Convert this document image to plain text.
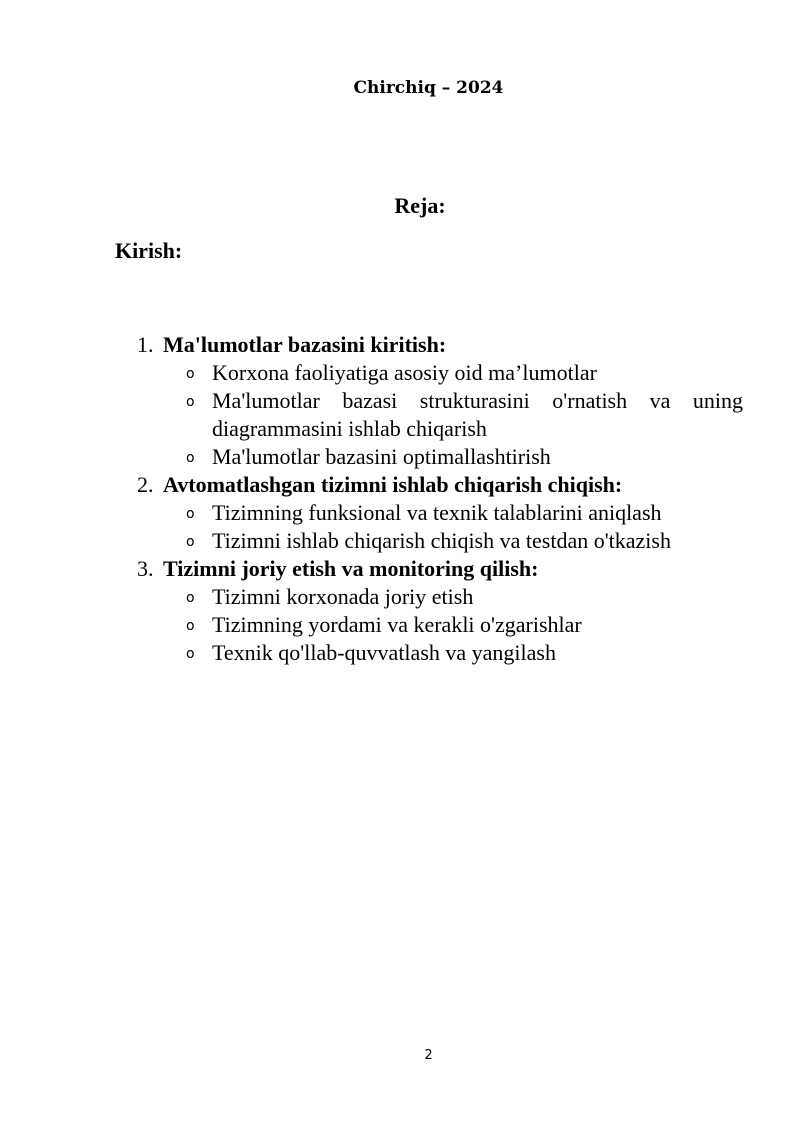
Chirchiq – 2024
Reja:
Kirish:
1. Ma'lumotlar bazasini kiritish:
o Korxona faoliyatiga asosiy oid ma’lumotlar
o Ma'lumotlar bazasi strukturasini o'rnatish va uning diagrammasini ishlab chiqarish
o Ma'lumotlar bazasini optimallashtirish
2. Avtomatlashgan tizimni ishlab chiqarish chiqish:
o Tizimning funksional va texnik talablarini aniqlash
o Tizimni ishlab chiqarish chiqish va testdan o'tkazish
3. Tizimni joriy etish va monitoring qilish:
o Tizimni korxonada joriy etish
o Tizimning yordami va kerakli o'zgarishlar
o Texnik qo'llab-quvvatlash va yangilash
2
